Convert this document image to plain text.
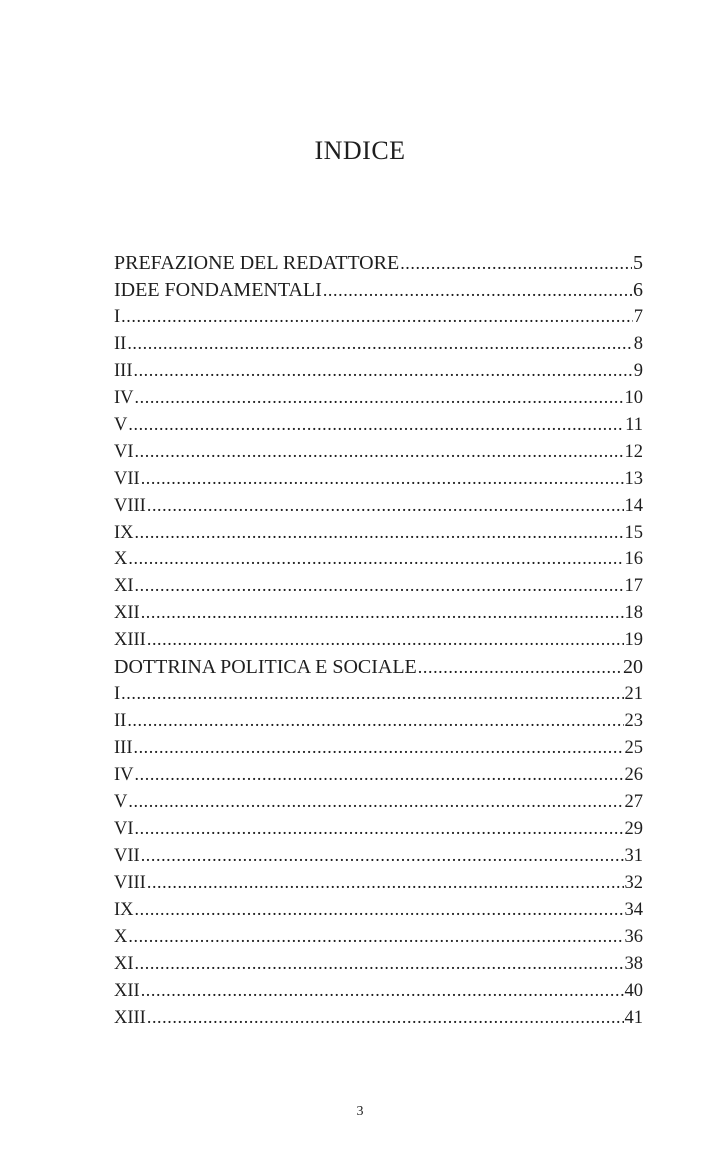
INDICE
PREFAZIONE DEL REDATTORE .....	5
IDEE FONDAMENTALI .....	6
I .....	7
II .....	8
III .....	9
IV .....	10
V .....	11
VI .....	12
VII .....	13
VIII .....	14
IX .....	15
X .....	16
XI .....	17
XII .....	18
XIII .....	19
DOTTRINA POLITICA E SOCIALE .....	20
I .....	21
II .....	23
III .....	25
IV .....	26
V .....	27
VI .....	29
VII .....	31
VIII .....	32
IX .....	34
X .....	36
XI .....	38
XII .....	40
XIII .....	41
3
